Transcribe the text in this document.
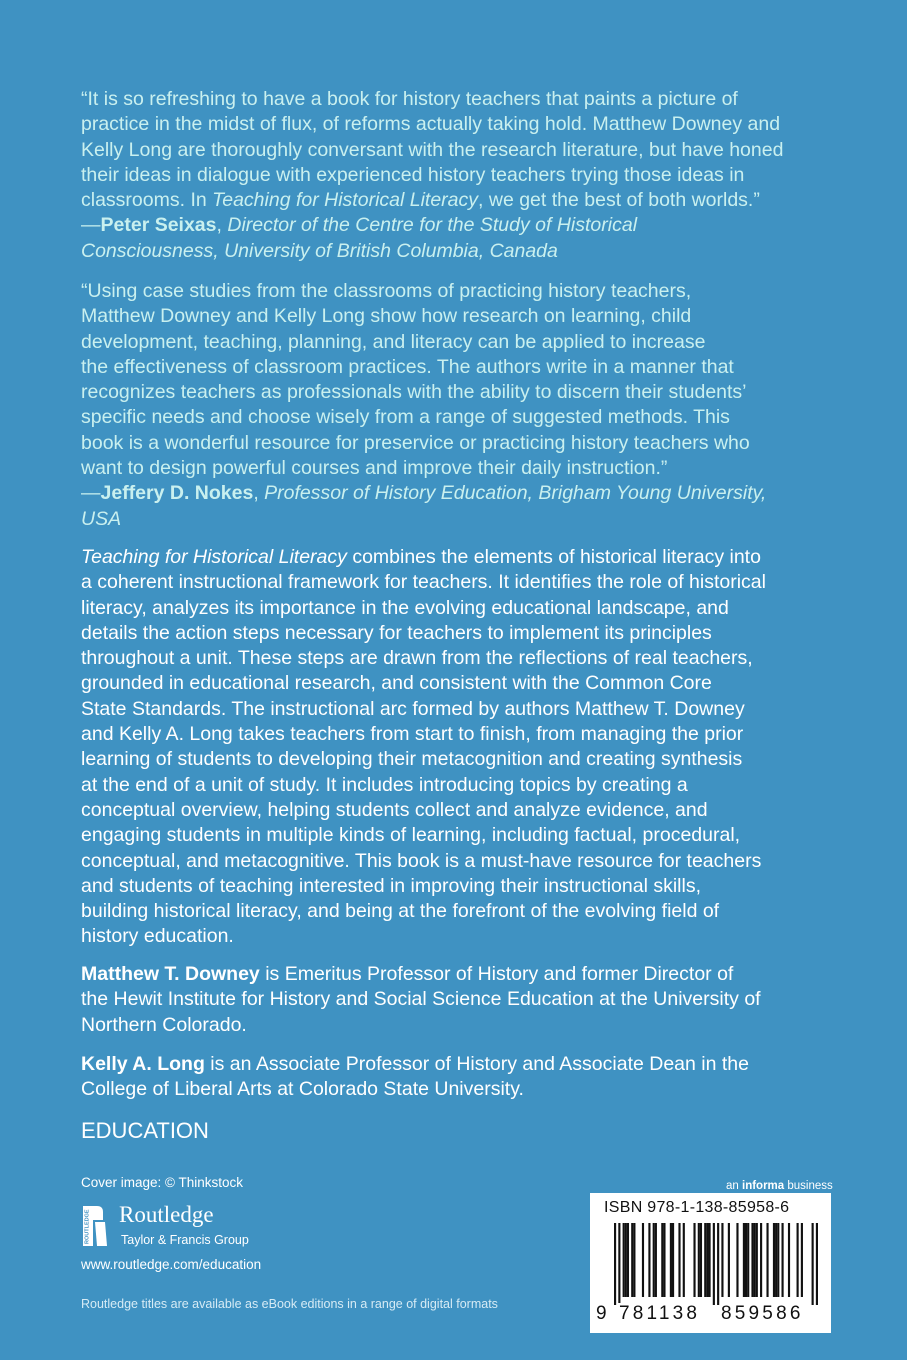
“It is so refreshing to have a book for history teachers that paints a picture of
practice in the midst of flux, of reforms actually taking hold. Matthew Downey and
Kelly Long are thoroughly conversant with the research literature, but have honed
their ideas in dialogue with experienced history teachers trying those ideas in
classrooms. In Teaching for Historical Literacy, we get the best of both worlds.”
—Peter Seixas, Director of the Centre for the Study of Historical
Consciousness, University of British Columbia, Canada
“Using case studies from the classrooms of practicing history teachers,
Matthew Downey and Kelly Long show how research on learning, child
development, teaching, planning, and literacy can be applied to increase
the effectiveness of classroom practices. The authors write in a manner that
recognizes teachers as professionals with the ability to discern their students’
specific needs and choose wisely from a range of suggested methods. This
book is a wonderful resource for preservice or practicing history teachers who
want to design powerful courses and improve their daily instruction.”
—Jeffery D. Nokes, Professor of History Education, Brigham Young University,
USA
Teaching for Historical Literacy combines the elements of historical literacy into
a coherent instructional framework for teachers. It identifies the role of historical
literacy, analyzes its importance in the evolving educational landscape, and
details the action steps necessary for teachers to implement its principles
throughout a unit. These steps are drawn from the reflections of real teachers,
grounded in educational research, and consistent with the Common Core
State Standards. The instructional arc formed by authors Matthew T. Downey
and Kelly A. Long takes teachers from start to finish, from managing the prior
learning of students to developing their metacognition and creating synthesis
at the end of a unit of study. It includes introducing topics by creating a
conceptual overview, helping students collect and analyze evidence, and
engaging students in multiple kinds of learning, including factual, procedural,
conceptual, and metacognitive. This book is a must-have resource for teachers
and students of teaching interested in improving their instructional skills,
building historical literacy, and being at the forefront of the evolving field of
history education.
Matthew T. Downey is Emeritus Professor of History and former Director of
the Hewit Institute for History and Social Science Education at the University of
Northern Colorado.
Kelly A. Long is an Associate Professor of History and Associate Dean in the
College of Liberal Arts at Colorado State University.
EDUCATION
Cover image: © Thinkstock
ROUTLEDGE Routledge
Taylor & Francis Group
www.routledge.com/education
Routledge titles are available as eBook editions in a range of digital formats
an informa business
ISBN 978-1-138-85958-6
9 781138 859586
